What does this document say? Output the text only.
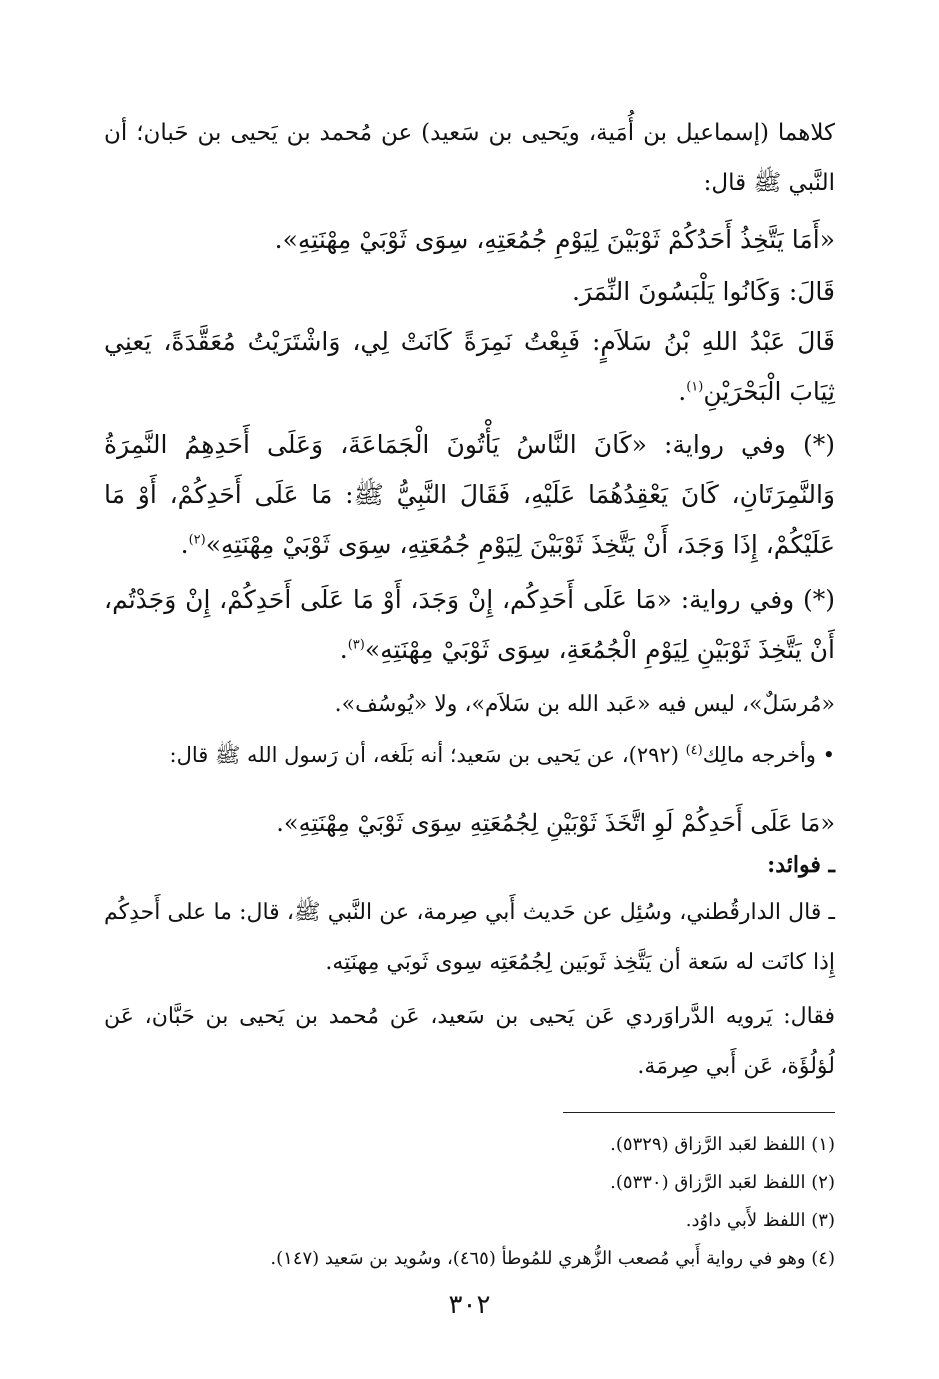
كلاهما (إسماعيل بن أُمَية، ويَحيى بن سَعيد) عن مُحمد بن يَحيى بن حَبان؛ أن النَّبي ﷺ قال:
«أَمَا يَتَّخِذُ أَحَدُكُمْ ثَوْبَيْنَ لِيَوْمِ جُمُعَتِهِ، سِوَى ثَوْبَيْ مِهْنَتِهِ».
قَالَ: وَكَانُوا يَلْبَسُونَ النِّمَرَ.
قَالَ عَبْدُ اللهِ بْنُ سَلاَمٍ: فَبِعْتُ نَمِرَةً كَانَتْ لِي، وَاشْتَرَيْتُ مُعَقَّدَةً، يَعنِي ثِيَابَ الْبَحْرَيْنِ$^{(١)}$.
(*) وفي رواية: «كَانَ النَّاسُ يَأْتُونَ الْجَمَاعَةَ، وَعَلَى أَحَدِهِمُ النَّمِرَةُ وَالنَّمِرَتَانِ، كَانَ يَعْقِدُهُمَا عَلَيْهِ، فَقَالَ النَّبِيُّ ﷺ: مَا عَلَى أَحَدِكُمْ، أَوْ مَا عَلَيْكُمْ، إِذَا وَجَدَ، أَنْ يَتَّخِذَ ثَوْبَيْنَ لِيَوْمِ جُمُعَتِهِ، سِوَى ثَوْبَيْ مِهْنَتِهِ»$^{(٢)}$.
(*) وفي رواية: «مَا عَلَى أَحَدِكُم، إِنْ وَجَدَ، أَوْ مَا عَلَى أَحَدِكُمْ، إِنْ وَجَدْتُم، أَنْ يَتَّخِذَ ثَوْبَيْنِ لِيَوْمِ الْجُمُعَةِ، سِوَى ثَوْبَيْ مِهْنَتِهِ»$^{(٣)}$.
«مُرسَلٌ»، ليس فيه «عَبد الله بن سَلاَم»، ولا «يُوسُف».
• وأخرجه مالِك$^{(٤)}$ (٢٩٢)، عن يَحيى بن سَعيد؛ أنه بَلَغه، أن رَسول الله ﷺ قال:
«مَا عَلَى أَحَدِكُمْ لَوِ اتَّخَذَ ثَوْبَيْنِ لِجُمُعَتِهِ سِوَى ثَوْبَيْ مِهْنَتِهِ».
ـ فوائد:
ـ قال الدارقُطني، وسُئِل عن حَديث أَبي صِرمة، عن النَّبي ﷺ، قال: ما على أَحدِكُم إِذا كانَت له سَعة أن يَتَّخِذ ثَوبَين لِجُمُعَتِه سِوى ثَوبَي مِهنَتِه.
فقال: يَرويه الدَّراوَردي عَن يَحيى بن سَعيد، عَن مُحمد بن يَحيى بن حَبَّان، عَن لُؤلُؤَة، عَن أَبي صِرمَة.
(١) اللفظ لعَبد الرَّزاق (٥٣٢٩).
(٢) اللفظ لعَبد الرَّزاق (٥٣٣٠).
(٣) اللفظ لأَبي داوُد.
(٤) وهو في رواية أَبي مُصعب الزُّهري للمُوطأ (٤٦٥)، وسُويد بن سَعيد (١٤٧).
٣٠٢
